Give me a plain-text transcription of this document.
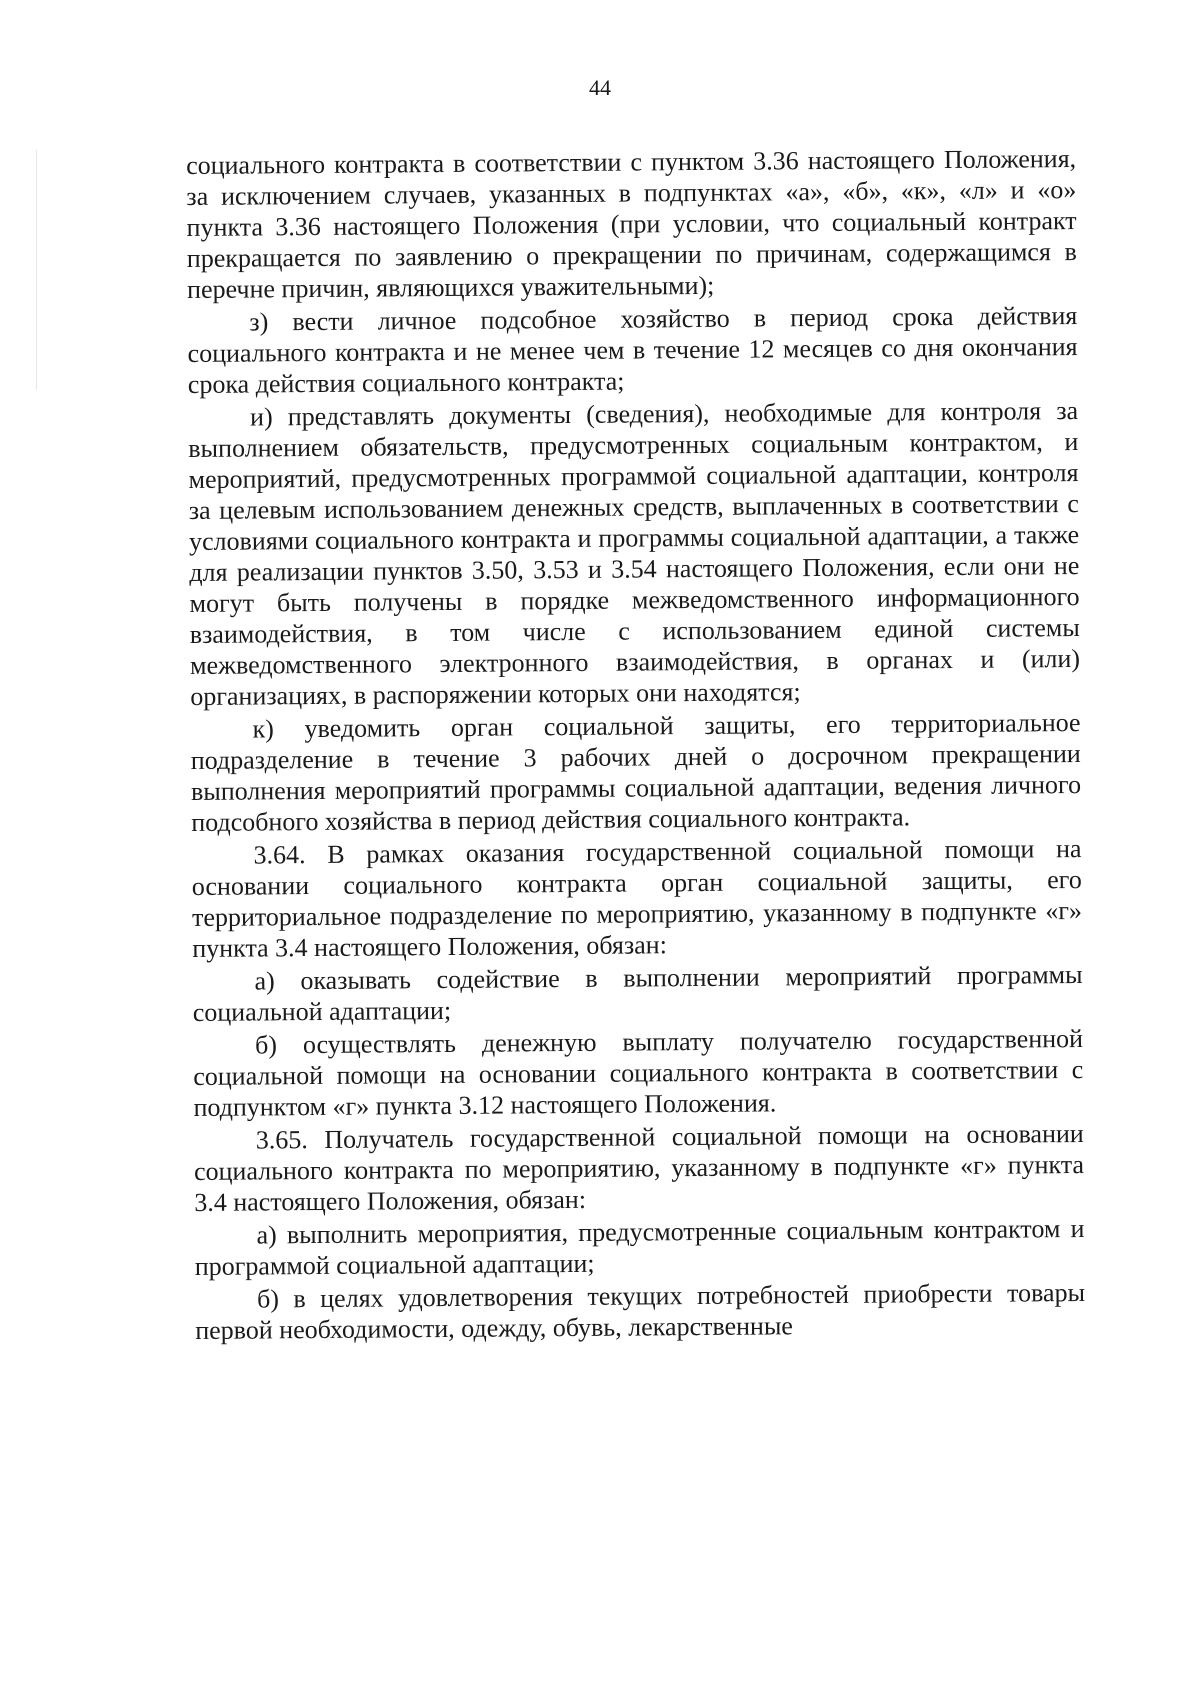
44

социального контракта в соответствии с пунктом 3.36 настоящего Положения, за исключением случаев, указанных в подпунктах «а», «б», «к», «л» и «о» пункта 3.36 настоящего Положения (при условии, что социальный контракт прекращается по заявлению о прекращении по причинам, содержащимся в перечне причин, являющихся уважительными);

з) вести личное подсобное хозяйство в период срока действия социального контракта и не менее чем в течение 12 месяцев со дня окончания срока действия социального контракта;

и) представлять документы (сведения), необходимые для контроля за выполнением обязательств, предусмотренных социальным контрактом, и мероприятий, предусмотренных программой социальной адаптации, контроля за целевым использованием денежных средств, выплаченных в соответствии с условиями социального контракта и программы социальной адаптации, а также для реализации пунктов 3.50, 3.53 и 3.54 настоящего Положения, если они не могут быть получены в порядке межведомственного информационного взаимодействия, в том числе с использованием единой системы межведомственного электронного взаимодействия, в органах и (или) организациях, в распоряжении которых они находятся;

к) уведомить орган социальной защиты, его территориальное подразделение в течение 3 рабочих дней о досрочном прекращении выполнения мероприятий программы социальной адаптации, ведения личного подсобного хозяйства в период действия социального контракта.

3.64. В рамках оказания государственной социальной помощи на основании социального контракта орган социальной защиты, его территориальное подразделение по мероприятию, указанному в подпункте «г» пункта 3.4 настоящего Положения, обязан:

а) оказывать содействие в выполнении мероприятий программы социальной адаптации;

б) осуществлять денежную выплату получателю государственной социальной помощи на основании социального контракта в соответствии с подпунктом «г» пункта 3.12 настоящего Положения.

3.65. Получатель государственной социальной помощи на основании социального контракта по мероприятию, указанному в подпункте «г» пункта 3.4 настоящего Положения, обязан:

а) выполнить мероприятия, предусмотренные социальным контрактом и программой социальной адаптации;

б) в целях удовлетворения текущих потребностей приобрести товары первой необходимости, одежду, обувь, лекарственные
